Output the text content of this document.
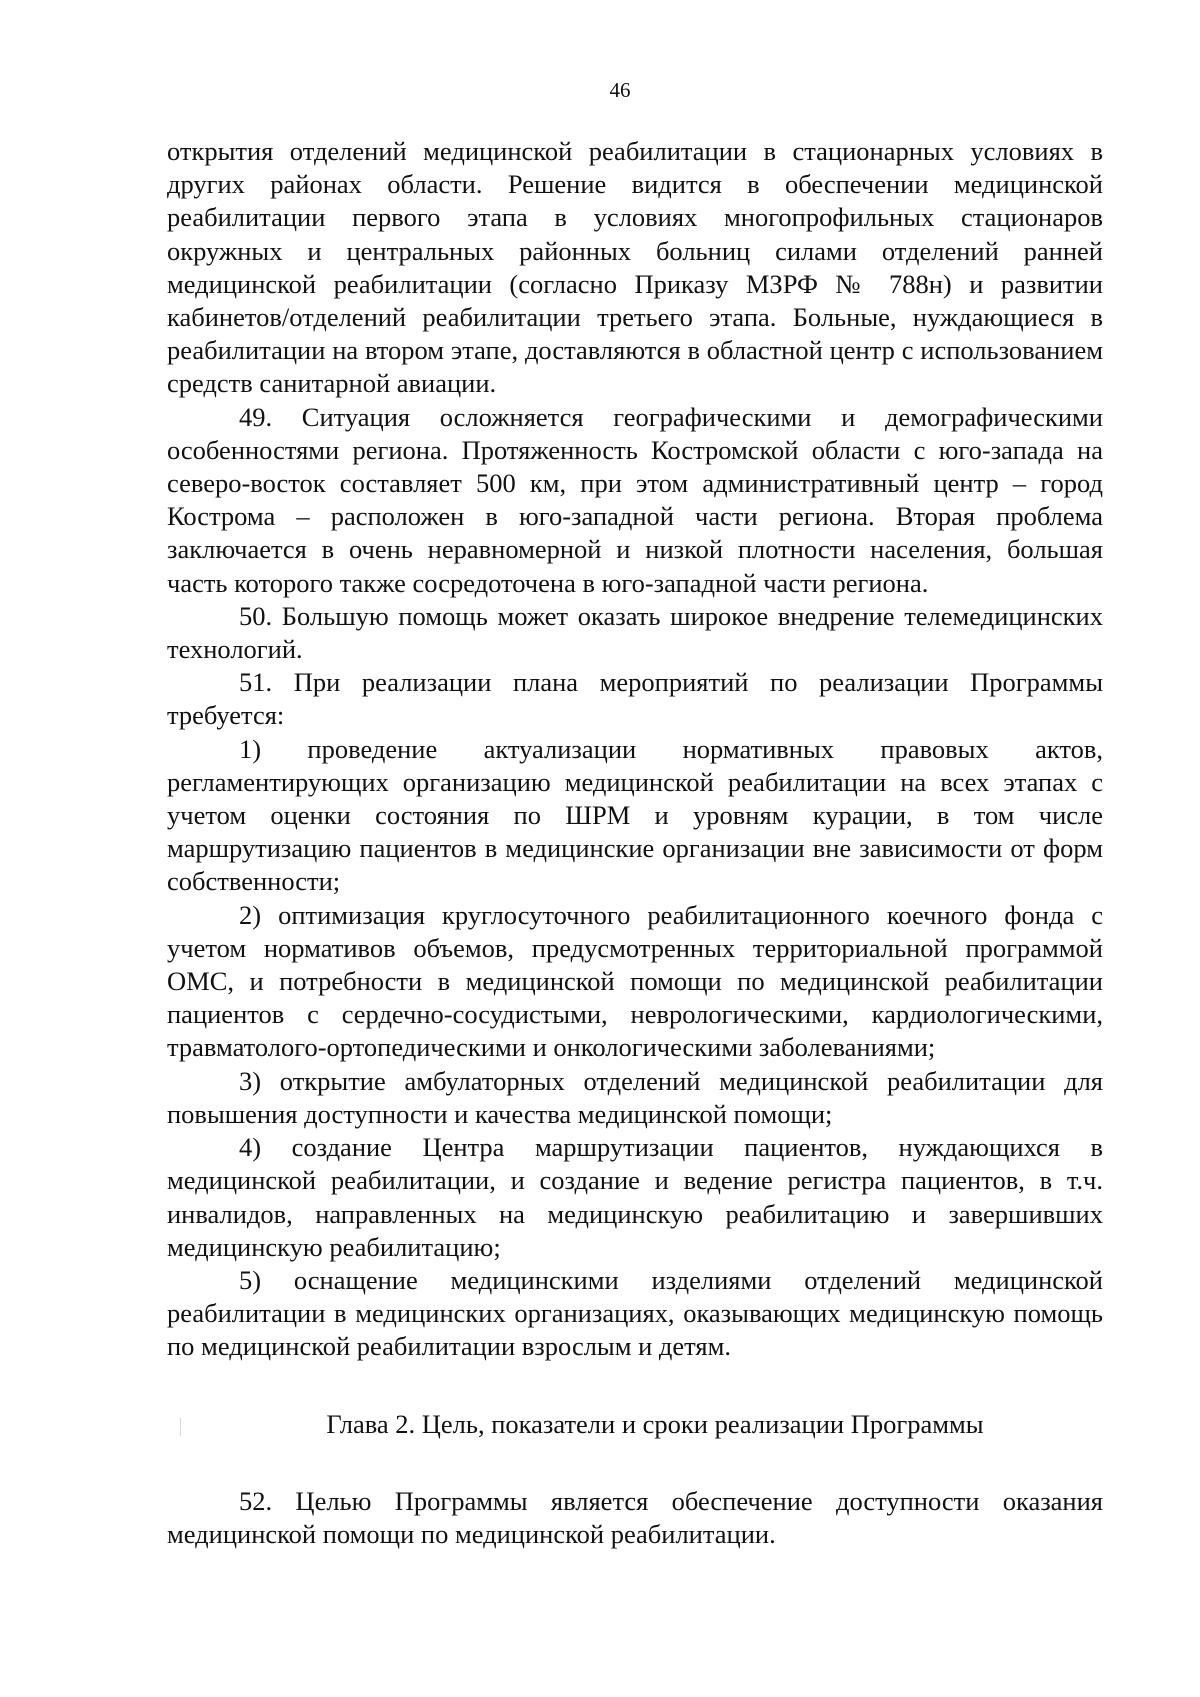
46

открытия отделений медицинской реабилитации в стационарных условиях в других районах области. Решение видится в обеспечении медицинской реабилитации первого этапа в условиях многопрофильных стационаров окружных и центральных районных больниц силами отделений ранней медицинской реабилитации (согласно Приказу МЗРФ № 788н) и развитии кабинетов/отделений реабилитации третьего этапа. Больные, нуждающиеся в реабилитации на втором этапе, доставляются в областной центр с использованием средств санитарной авиации.

49. Ситуация осложняется географическими и демографическими особенностями региона. Протяженность Костромской области с юго-запада на северо-восток составляет 500 км, при этом административный центр – город Кострома – расположен в юго-западной части региона. Вторая проблема заключается в очень неравномерной и низкой плотности населения, большая часть которого также сосредоточена в юго-западной части региона.

50. Большую помощь может оказать широкое внедрение телемедицинских технологий.

51. При реализации плана мероприятий по реализации Программы требуется:

1) проведение актуализации нормативных правовых актов, регламентирующих организацию медицинской реабилитации на всех этапах с учетом оценки состояния по ШРМ и уровням курации, в том числе маршрутизацию пациентов в медицинские организации вне зависимости от форм собственности;

2) оптимизация круглосуточного реабилитационного коечного фонда с учетом нормативов объемов, предусмотренных территориальной программой ОМС, и потребности в медицинской помощи по медицинской реабилитации пациентов с сердечно-сосудистыми, неврологическими, кардиологическими, травматолого-ортопедическими и онкологическими заболеваниями;

3) открытие амбулаторных отделений медицинской реабилитации для повышения доступности и качества медицинской помощи;

4) создание Центра маршрутизации пациентов, нуждающихся в медицинской реабилитации, и создание и ведение регистра пациентов, в т.ч. инвалидов, направленных на медицинскую реабилитацию и завершивших медицинскую реабилитацию;

5) оснащение медицинскими изделиями отделений медицинской реабилитации в медицинских организациях, оказывающих медицинскую помощь по медицинской реабилитации взрослым и детям.

Глава 2. Цель, показатели и сроки реализации Программы

52. Целью Программы является обеспечение доступности оказания медицинской помощи по медицинской реабилитации.
